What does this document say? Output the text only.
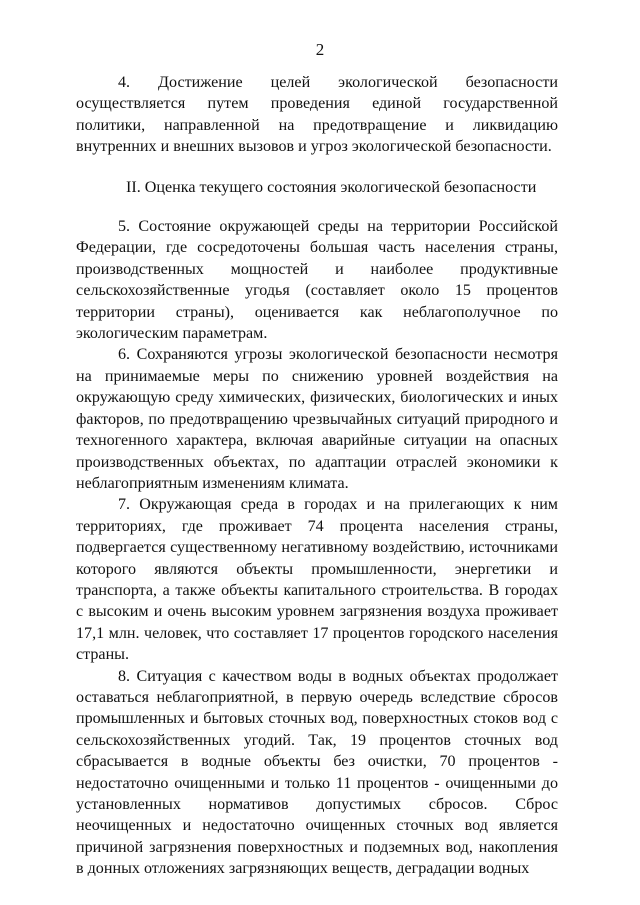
2

4. Достижение целей экологической безопасности осуществляется путем проведения единой государственной политики, направленной на предотвращение и ликвидацию внутренних и внешних вызовов и угроз экологической безопасности.

II. Оценка текущего состояния экологической безопасности

5. Состояние окружающей среды на территории Российской Федерации, где сосредоточены большая часть населения страны, производственных мощностей и наиболее продуктивные сельскохозяйственные угодья (составляет около 15 процентов территории страны), оценивается как неблагополучное по экологическим параметрам.

6. Сохраняются угрозы экологической безопасности несмотря на принимаемые меры по снижению уровней воздействия на окружающую среду химических, физических, биологических и иных факторов, по предотвращению чрезвычайных ситуаций природного и техногенного характера, включая аварийные ситуации на опасных производственных объектах, по адаптации отраслей экономики к неблагоприятным изменениям климата.

7. Окружающая среда в городах и на прилегающих к ним территориях, где проживает 74 процента населения страны, подвергается существенному негативному воздействию, источниками которого являются объекты промышленности, энергетики и транспорта, а также объекты капитального строительства. В городах с высоким и очень высоким уровнем загрязнения воздуха проживает 17,1 млн. человек, что составляет 17 процентов городского населения страны.

8. Ситуация с качеством воды в водных объектах продолжает оставаться неблагоприятной, в первую очередь вследствие сбросов промышленных и бытовых сточных вод, поверхностных стоков вод с сельскохозяйственных угодий. Так, 19 процентов сточных вод сбрасывается в водные объекты без очистки, 70 процентов - недостаточно очищенными и только 11 процентов - очищенными до установленных нормативов допустимых сбросов. Сброс неочищенных и недостаточно очищенных сточных вод является причиной загрязнения поверхностных и подземных вод, накопления в донных отложениях загрязняющих веществ, деградации водных
